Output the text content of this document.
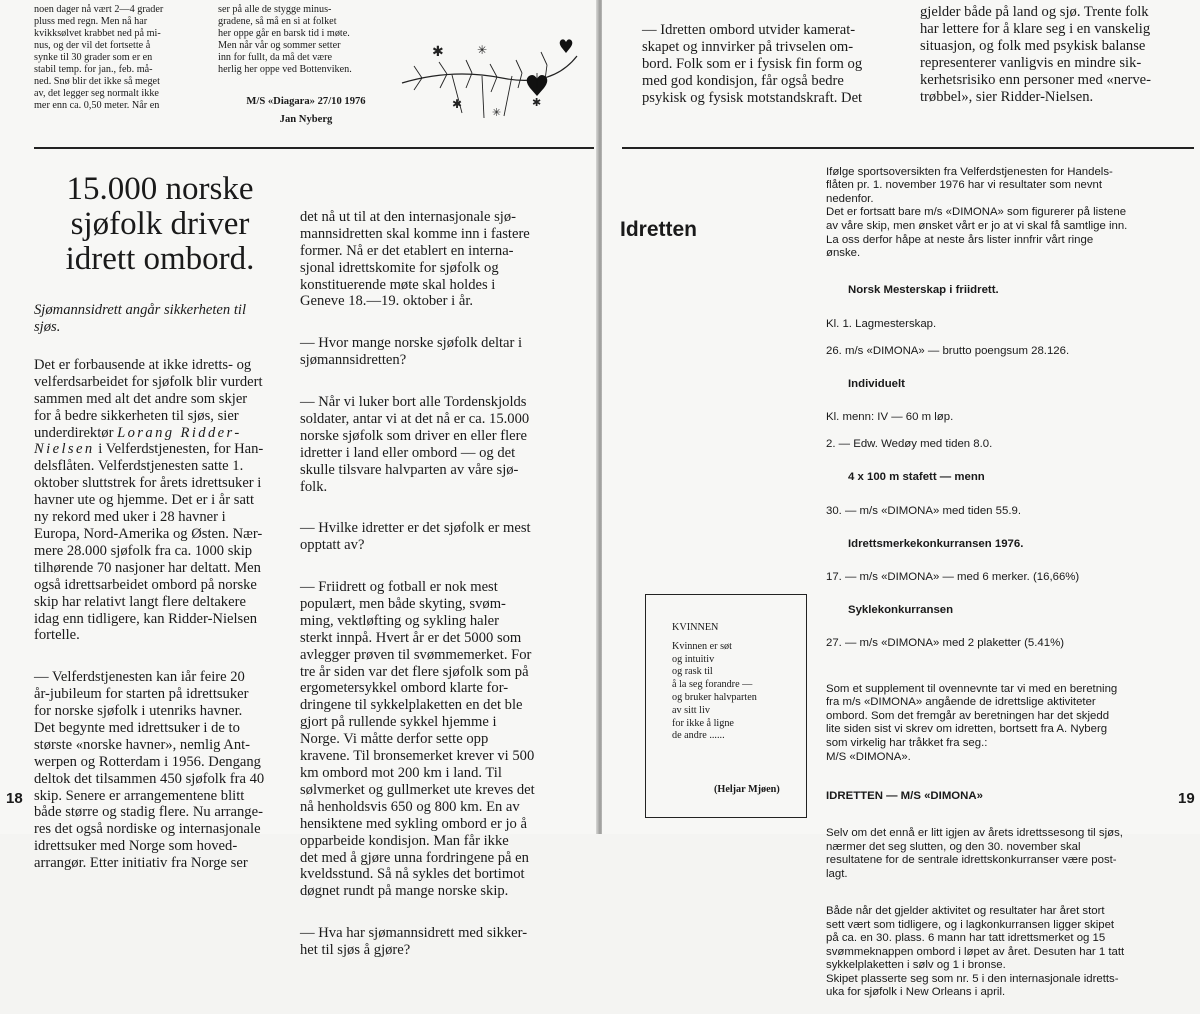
noen dager nå vært 2—4 grader
pluss med regn. Men nå har
kvikksølvet krabbet ned på mi-
nus, og der vil det fortsette å
synke til 30 grader som er en
stabil temp. for jan., feb. må-
ned. Snø blir det ikke så meget
av, det legger seg normalt ikke
mer enn ca. 0,50 meter. Når en
ser på alle de stygge minus-
gradene, så må en si at folket
her oppe går en barsk tid i møte.
Men når vår og sommer setter
inn for fullt, da må det være
herlig her oppe ved Bottenviken.
M/S «Diagara» 27/10 1976
Jan Nyberg
✱	✳
✱
✳
✱
15.000 norske
sjøfolk driver
idrett ombord.
Sjømannsidrett angår sikkerheten til
sjøs.

Det er forbausende at ikke idretts- og
velferdsarbeidet for sjøfolk blir vurdert
sammen med alt det andre som skjer
for å bedre sikkerheten til sjøs, sier
underdirektør Lorang Ridder-
Nielsen i Velferdstjenesten, for Han-
delsflåten. Velferdstjenesten satte 1.
oktober sluttstrek for årets idrettsuker i
havner ute og hjemme. Det er i år satt
ny rekord med uker i 28 havner i
Europa, Nord-Amerika og Østen. Nær-
mere 28.000 sjøfolk fra ca. 1000 skip
tilhørende 70 nasjoner har deltatt. Men
også idrettsarbeidet ombord på norske
skip har relativt langt flere deltakere
idag enn tidligere, kan Ridder-Nielsen
fortelle.

— Velferdstjenesten kan iår feire 20
år-jubileum for starten på idrettsuker
for norske sjøfolk i utenriks havner.
Det begynte med idrettsuker i de to
største «norske havner», nemlig Ant-
werpen og Rotterdam i 1956. Dengang
deltok det tilsammen 450 sjøfolk fra 40
skip. Senere er arrangementene blitt
både større og stadig flere. Nu arrange-
res det også nordiske og internasjonale
idrettsuker med Norge som hoved-
arrangør. Etter initiativ fra Norge ser

det nå ut til at den internasjonale sjø-
mannsidretten skal komme inn i fastere
former. Nå er det etablert en interna-
sjonal idrettskomite for sjøfolk og
konstituerende møte skal holdes i
Geneve 18.—19. oktober i år.

— Hvor mange norske sjøfolk deltar i
sjømannsidretten?

— Når vi luker bort alle Tordenskjolds
soldater, antar vi at det nå er ca. 15.000
norske sjøfolk som driver en eller flere
idretter i land eller ombord — og det
skulle tilsvare halvparten av våre sjø-
folk.

— Hvilke idretter er det sjøfolk er mest
opptatt av?

— Friidrett og fotball er nok mest
populært, men både skyting, svøm-
ming, vektløfting og sykling haler
sterkt innpå. Hvert år er det 5000 som
avlegger prøven til svømmemerket. For
tre år siden var det flere sjøfolk som på
ergometersykkel ombord klarte for-
dringene til sykkelplaketten en det ble
gjort på rullende sykkel hjemme i
Norge. Vi måtte derfor sette opp
kravene. Til bronsemerket krever vi 500
km ombord mot 200 km i land. Til
sølvmerket og gullmerket ute kreves det
nå henholdsvis 650 og 800 km. En av
hensiktene med sykling ombord er jo å
opparbeide kondisjon. Man får ikke
det med å gjøre unna fordringene på en
kveldsstund. Så nå sykles det bortimot
døgnet rundt på mange norske skip.

— Hva har sjømannsidrett med sikker-
het til sjøs å gjøre?

18
— Idretten ombord utvider kamerat-
skapet og innvirker på trivselen om-
bord. Folk som er i fysisk fin form og
med god kondisjon, får også bedre
psykisk og fysisk motstandskraft. Det
gjelder både på land og sjø. Trente folk
har lettere for å klare seg i en vanskelig
situasjon, og folk med psykisk balanse
representerer vanligvis en mindre sik-
kerhetsrisiko enn personer med «nerve-
trøbbel», sier Ridder-Nielsen.
Idretten

Ifølge sportsoversikten fra Velferdstjenesten for Handels-
flåten pr. 1. november 1976 har vi resultater som nevnt
nedenfor.
Det er fortsatt bare m/s «DIMONA» som figurerer på listene
av våre skip, men ønsket vårt er jo at vi skal få samtlige inn.
La oss derfor håpe at neste års lister innfrir vårt ringe
ønske.

Norsk Mesterskap i friidrett.

Kl. 1. Lagmesterskap.

26. m/s «DIMONA» — brutto poengsum 28.126.

Individuelt

Kl. menn: IV — 60 m løp.

2. — Edw. Wedøy med tiden 8.0.

4 x 100 m stafett — menn

30. — m/s «DIMONA» med tiden 55.9.

Idrettsmerkekonkurransen 1976.

17. — m/s «DIMONA» — med 6 merker. (16,66%)

Syklekonkurransen

27. — m/s «DIMONA» med 2 plaketter (5.41%)

Som et supplement til ovennevnte tar vi med en beretning
fra m/s «DIMONA» angående de idrettslige aktiviteter
ombord. Som det fremgår av beretningen har det skjedd
lite siden sist vi skrev om idretten, bortsett fra A. Nyberg
som virkelig har tråkket fra seg.:
M/S «DIMONA».

IDRETTEN — M/S «DIMONA»

Selv om det ennå er litt igjen av årets idrettssesong til sjøs,
nærmer det seg slutten, og den 30. november skal
resultatene for de sentrale idrettskonkurranser være post-
lagt.

Både når det gjelder aktivitet og resultater har året stort
sett vært som tidligere, og i lagkonkurransen ligger skipet
på ca. en 30. plass. 6 mann har tatt idrettsmerket og 15
svømmeknappen ombord i løpet av året. Desuten har 1 tatt
sykkelplaketten i sølv og 1 i bronse.
Skipet plasserte seg som nr. 5 i den internasjonale idretts-
uka for sjøfolk i New Orleans i april.

KVINNEN

Kvinnen er søt
og intuitiv
og rask til
å la seg forandre —
og bruker halvparten
av sitt liv
for ikke å ligne
de andre ......
(Heljar Mjøen)
19
